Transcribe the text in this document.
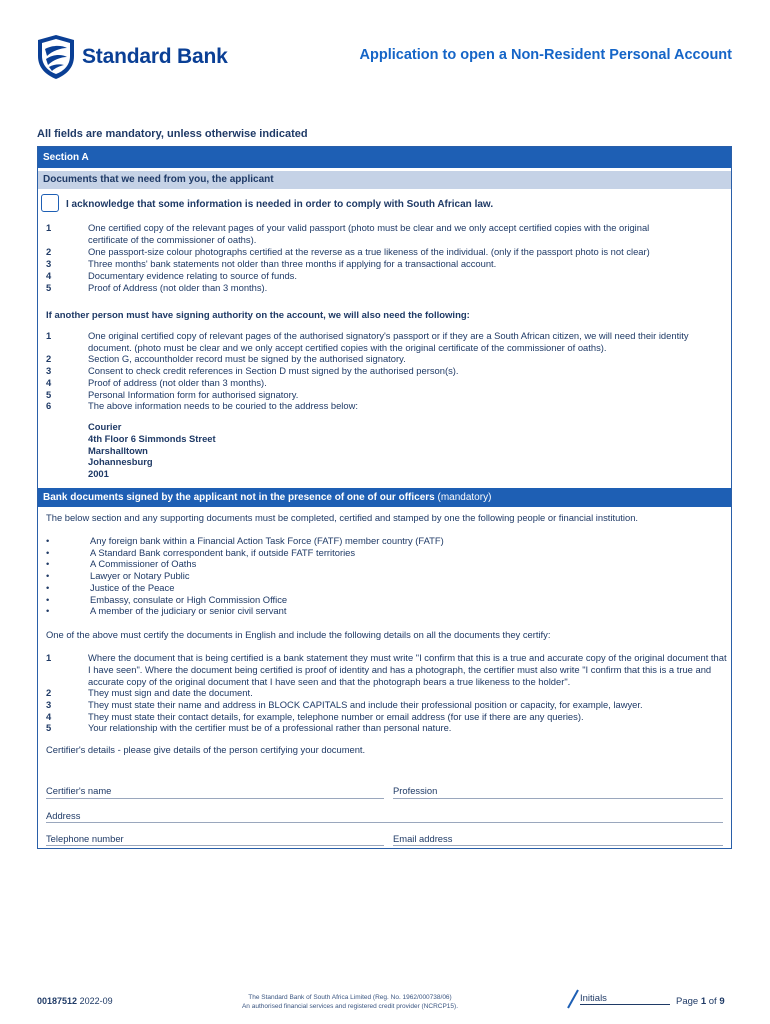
Standard Bank	Application to open a Non-Resident Personal Account
All fields are mandatory, unless otherwise indicated
Section A
Documents that we need from you, the applicant
I acknowledge that some information is needed in order to comply with South African law.
1	One certified copy of the relevant pages of your valid passport (photo must be clear and we only accept certified copies with the original certificate of the commissioner of oaths).
2	One passport-size colour photographs certified at the reverse as a true likeness of the individual. (only if the passport photo is not clear)
3	Three months' bank statements not older than three months if applying for a transactional account.
4	Documentary evidence relating to source of funds.
5	Proof of Address (not older than 3 months).
If another person must have signing authority on the account, we will also need the following:
1	One original certified copy of relevant pages of the authorised signatory's passport or if they are a South African citizen, we will need their identity document. (photo must be clear and we only accept certified copies with the original certificate of the commissioner of oaths).
2	Section G, accountholder record must be signed by the authorised signatory.
3	Consent to check credit references in Section D must signed by the authorised person(s).
4	Proof of address (not older than 3 months).
5	Personal Information form for authorised signatory.
6	The above information needs to be couried to the address below:
Courier
4th Floor 6 Simmonds Street
Marshalltown
Johannesburg
2001
Bank documents signed by the applicant not in the presence of one of our officers (mandatory)
The below section and any supporting documents must be completed, certified and stamped by one the following people or financial institution.
•	Any foreign bank within a Financial Action Task Force (FATF) member country (FATF)
•	A Standard Bank correspondent bank, if outside FATF territories
•	A Commissioner of Oaths
•	Lawyer or Notary Public
•	Justice of the Peace
•	Embassy, consulate or High Commission Office
•	A member of the judiciary or senior civil servant
One of the above must certify the documents in English and include the following details on all the documents they certify:
1	Where the document that is being certified is a bank statement they must write "I confirm that this is a true and accurate copy of the original document that I have seen". Where the document being certified is proof of identity and has a photograph, the certifier must also write "I confirm that this is a true and accurate copy of the original document that I have seen and that the photograph bears a true likeness to the holder".
2	They must sign and date the document.
3	They must state their name and address in BLOCK CAPITALS and include their professional position or capacity, for example, lawyer.
4	They must state their contact details, for example, telephone number or email address (for use if there are any queries).
5	Your relationship with the certifier must be of a professional rather than personal nature.
Certifier's details - please give details of the person certifying your document.
Certifier's name	Profession
Address
Telephone number	Email address
00187512 2022-09	The Standard Bank of South Africa Limited (Reg. No. 1962/000738/06)
An authorised financial services and registered credit provider (NCRCP15).
Initials	Page 1 of 9
